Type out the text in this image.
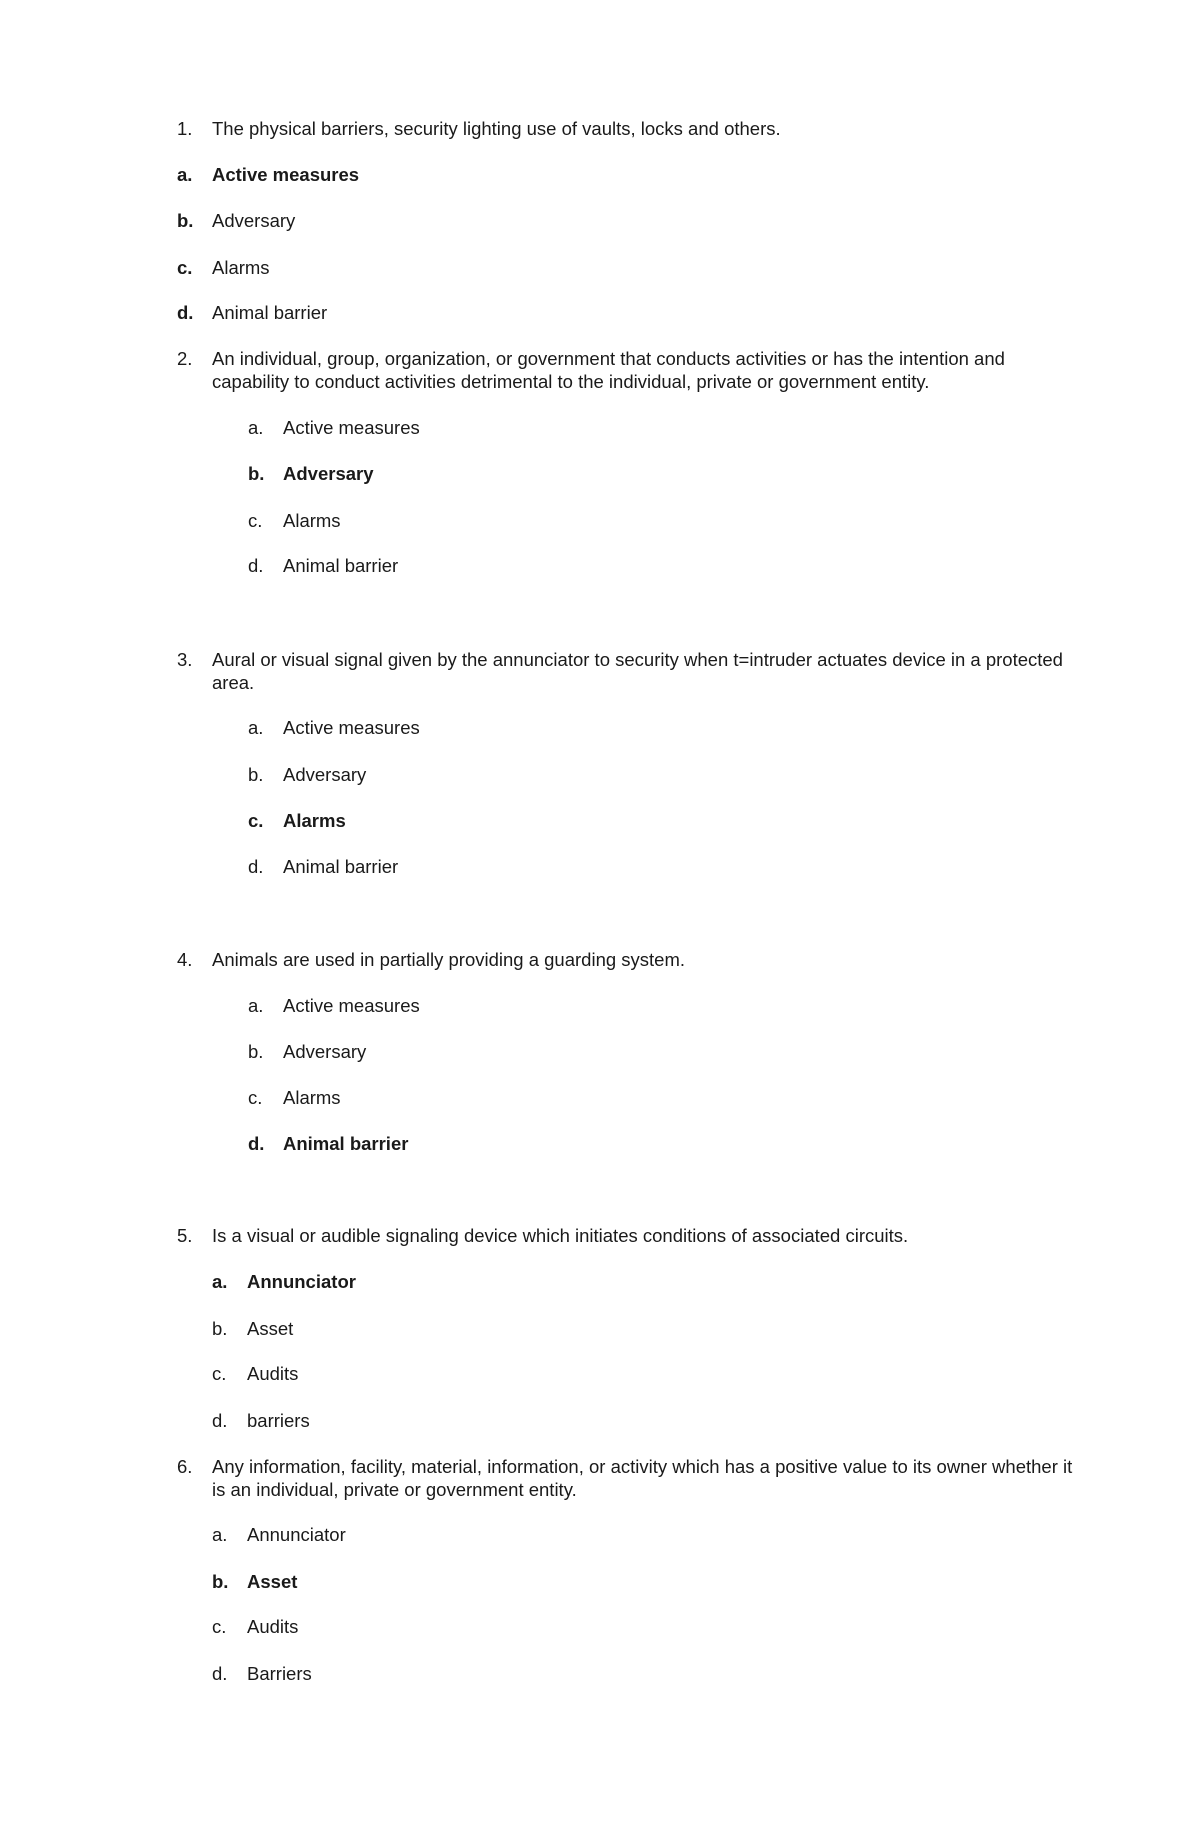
1. The physical barriers, security lighting use of vaults, locks and others.
a. Active measures
b. Adversary
c. Alarms
d. Animal barrier
2. An individual, group, organization, or government that conducts activities or has the intention and
capability to conduct activities detrimental to the individual, private or government entity.
a. Active measures
b. Adversary
c. Alarms
d. Animal barrier
3. Aural or visual signal given by the annunciator to security when t=intruder actuates device in a protected
area.
a. Active measures
b. Adversary
c. Alarms
d. Animal barrier
4. Animals are used in partially providing a guarding system.
a. Active measures
b. Adversary
c. Alarms
d. Animal barrier
5. Is a visual or audible signaling device which initiates conditions of associated circuits.
a. Annunciator
b. Asset
c. Audits
d. barriers
6. Any information, facility, material, information, or activity which has a positive value to its owner whether it
is an individual, private or government entity.
a. Annunciator
b. Asset
c. Audits
d. Barriers
